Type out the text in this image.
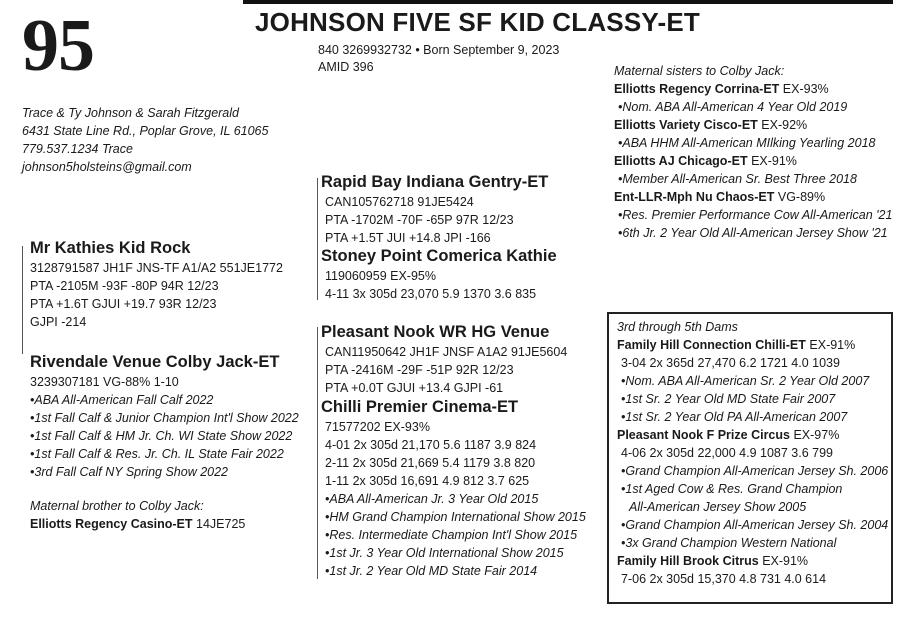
95	JOHNSON FIVE SF KID CLASSY-ET
840 3269932732 • Born September 9, 2023
AMID 396
Trace & Ty Johnson & Sarah Fitzgerald
6431 State Line Rd., Poplar Grove, IL 61065
779.537.1234 Trace
johnson5holsteins@gmail.com
Mr Kathies Kid Rock
3128791587 JH1F JNS-TF A1/A2 551JE1772
PTA -2105M -93F -80P 94R 12/23
PTA +1.6T GJUI +19.7 93R 12/23
GJPI -214
Rivendale Venue Colby Jack-ET
3239307181 VG-88% 1-10
•ABA All-American Fall Calf 2022
•1st Fall Calf & Junior Champion Int'l Show 2022
•1st Fall Calf & HM Jr. Ch. WI State Show 2022
•1st Fall Calf & Res. Jr. Ch. IL State Fair 2022
•3rd Fall Calf NY Spring Show 2022
Maternal brother to Colby Jack:
Elliotts Regency Casino-ET 14JE725
Rapid Bay Indiana Gentry-ET
CAN105762718 91JE5424
PTA -1702M -70F -65P 97R 12/23
PTA +1.5T JUI +14.8 JPI -166
Stoney Point Comerica Kathie
119060959 EX-95%
4-11 3x 305d 23,070 5.9 1370 3.6 835
Pleasant Nook WR HG Venue
CAN11950642 JH1F JNSF A1A2 91JE5604
PTA -2416M -29F -51P 92R 12/23
PTA +0.0T GJUI +13.4 GJPI -61
Chilli Premier Cinema-ET
71577202 EX-93%
4-01 2x 305d 21,170 5.6 1187 3.9 824
2-11 2x 305d 21,669 5.4 1179 3.8 820
1-11 2x 305d 16,691 4.9 812 3.7 625
•ABA All-American Jr. 3 Year Old 2015
•HM Grand Champion International Show 2015
•Res. Intermediate Champion Int'l Show 2015
•1st Jr. 3 Year Old International Show 2015
•1st Jr. 2 Year Old MD State Fair 2014
Maternal sisters to Colby Jack:
Elliotts Regency Corrina-ET EX-93%
•Nom. ABA All-American 4 Year Old 2019
Elliotts Variety Cisco-ET EX-92%
•ABA HHM All-American MIlking Yearling 2018
Elliotts AJ Chicago-ET EX-91%
•Member All-American Sr. Best Three 2018
Ent-LLR-Mph Nu Chaos-ET VG-89%
•Res. Premier Performance Cow All-American '21
•6th Jr. 2 Year Old All-American Jersey Show '21
3rd through 5th Dams
Family Hill Connection Chilli-ET EX-91%
3-04 2x 365d 27,470 6.2 1721 4.0 1039
•Nom. ABA All-American Sr. 2 Year Old 2007
•1st Sr. 2 Year Old MD State Fair 2007
•1st Sr. 2 Year Old PA All-American 2007
Pleasant Nook F Prize Circus EX-97%
4-06 2x 305d 22,000 4.9 1087 3.6 799
•Grand Champion All-American Jersey Sh. 2006
•1st Aged Cow & Res. Grand Champion
All-American Jersey Show 2005
•Grand Champion All-American Jersey Sh. 2004
•3x Grand Champion Western National
Family Hill Brook Citrus EX-91%
7-06 2x 305d 15,370 4.8 731 4.0 614
